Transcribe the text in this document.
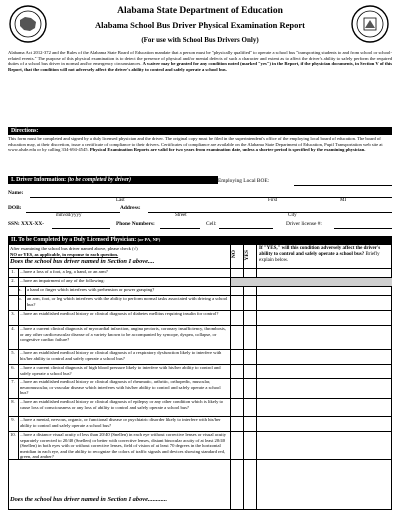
Alabama State Department of Education
Alabama School Bus Driver Physical Examination Report
(For use with School Bus Drivers Only)
Alabama Act 2012-372 and the Rules of the Alabama State Board of Education mandate that a person must be "physically qualified" to operate a school bus "transporting students to and from school or school-related events." The purpose of this physical examination is to detect the presence of physical and/or mental defects of such a character and extent as to affect the driver's ability to safely perform the required duties of a school bus driver in normal and/or emergency circumstances. A waiver may be granted for any condition noted (marked "yes") in the Report, if the physician documents, in Section V of this Report, that the condition will not adversely affect the driver's ability to control and safely operate a school bus.
Directions:
This form must be completed and signed by a duly licensed physician and the driver. The original copy must be filed in the superintendent's office of the employing local board of education. The board of education may, at their discretion, issue a certificate of compliance to their drivers. Certificates of compliance are available on the Alabama State Department of Education, Pupil Transportation web site at www.alsde.edu or by calling 334-694-4545. Physical Examination Reports are valid for two years from examination date, unless a shorter period is specified by the examining physician.
I. Driver Information: (to be completed by driver)	Employing Local BOE:
Name:
Last	First	MI
DOB:	Address:
mm/dd/yyyy	Street	City
SSN: XXX-XX-	Phone Numbers:	Cell:	Driver license #:
II. To be Completed by a Duly Licensed Physician: (or PA, NP)
After examining the school bus driver named above, please check (√)
NO or YES, as applicable, in response to each question.
Does the school bus driver named in Section I above....
NO YES
If "YES," will this condition adversely affect the driver's ability to control and safely operate a school bus? Briefly explain below.
1.	...have a loss of a foot, a leg, a hand, or an arm?
2.	...have an impairment of any of the following:
a.	a hand or finger which interferes with prehension or power grasping?
b.	an arm, foot, or leg which interferes with the ability to perform normal tasks associated with driving a school bus?
3.	...have an established medical history or clinical diagnosis of diabetes mellitus requiring insulin for control?
4.	...have a current clinical diagnosis of myocardial infarction, angina pectoris, coronary insufficiency, thrombosis, or any other cardiovascular disease of a variety known to be accompanied by syncope, dyspea, collapse, or congestive cardiac failure?
5.	...have an established medical history or clinical diagnosis of a respiratory dysfunction likely to interfere with his/her ability to control and safely operate a school bus?
6.	...have a current clinical diagnosis of high blood pressure likely to interfere with his/her ability to control and safely operate a school bus?
7.	...have an established medical history or clinical diagnosis of rheumatic, arthritic, orthopedic, muscular, neuromuscular, or vascular disease which interferes with his/her ability to control and safely operate a school bus?
8.	...have an established medical history or clinical diagnosis of epilepsy or any other condition which is likely to cause loss of consciousness or any loss of ability to control and safely operate a school bus?
9.	...have a mental, nervous, organic, or functional disease or psychiatric disorder likely to interfere with his/her ability to control and safely operate a school bus?
10. ...have a distance visual acuity of less than 20/40 (Snellen) in each eye without corrective lenses or visual acuity separately corrected to 20/40 (Snellen) or better with corrective lenses, distant binocular acuity of at least 20/40 (Snellen) in both eyes with or without corrective lenses, field of vision of at least 70 degrees in the horizontal meridian in each eye, and the ability to recognize the colors of traffic signals and devices showing standard red, green, and amber?
Does the school bus driver named in Section I above............
